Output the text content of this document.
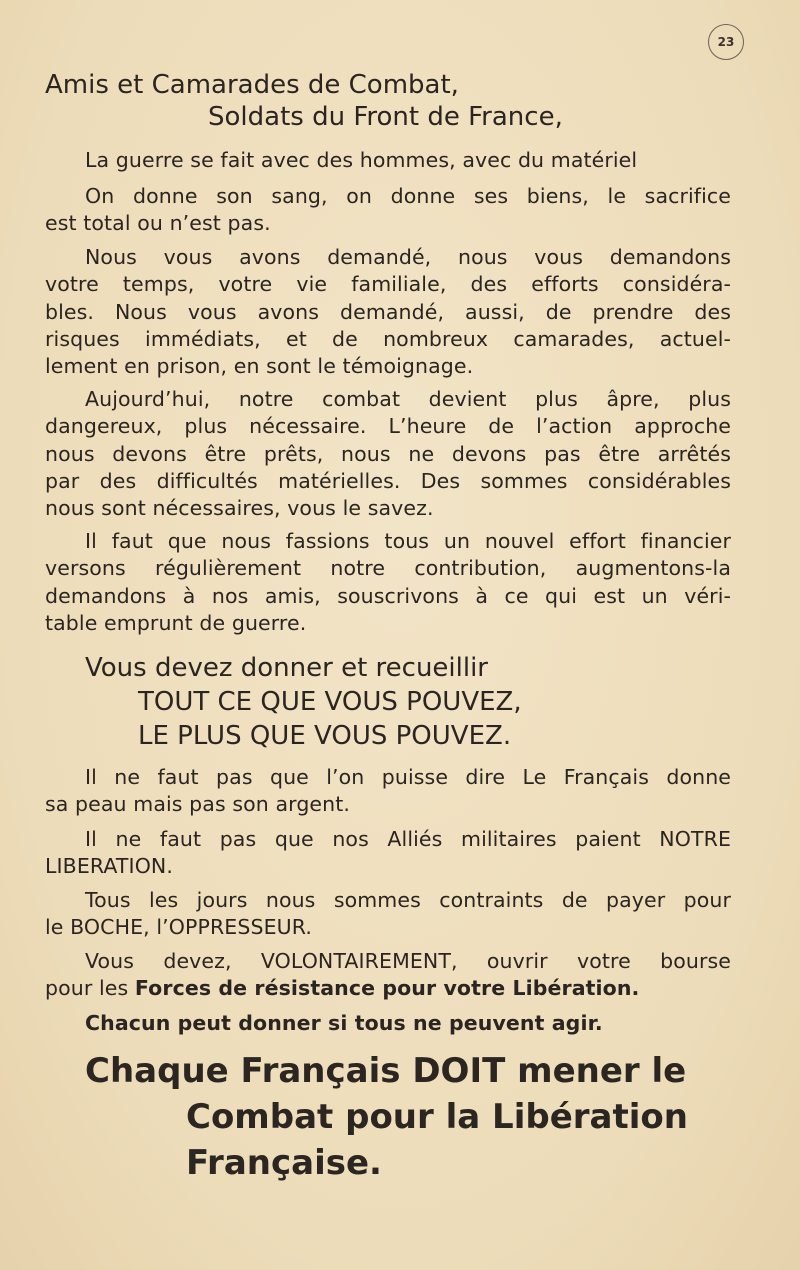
23
Amis et Camarades de Combat,
Soldats du Front de France,
La guerre se fait avec des hommes, avec du matériel
On donne son sang, on donne ses biens, le sacrifice
est total ou n’est pas.
Nous vous avons demandé, nous vous demandons
votre temps, votre vie familiale, des efforts considéra-
bles. Nous vous avons demandé, aussi, de prendre des
risques immédiats, et de nombreux camarades, actuel-
lement en prison, en sont le témoignage.
Aujourd’hui, notre combat devient plus âpre, plus
dangereux, plus nécessaire. L’heure de l’action approche
nous devons être prêts, nous ne devons pas être arrêtés
par des difficultés matérielles. Des sommes considérables
nous sont nécessaires, vous le savez.
Il faut que nous fassions tous un nouvel effort financier
versons régulièrement notre contribution, augmentons-la
demandons à nos amis, souscrivons à ce qui est un véri-
table emprunt de guerre.
Vous devez donner et recueillir
TOUT CE QUE VOUS POUVEZ,
LE PLUS QUE VOUS POUVEZ.
Il ne faut pas que l’on puisse dire Le Français donne
sa peau mais pas son argent.
Il ne faut pas que nos Alliés militaires paient NOTRE
LIBERATION.
Tous les jours nous sommes contraints de payer pour
le BOCHE, l’OPPRESSEUR.
Vous devez, VOLONTAIREMENT, ouvrir votre bourse
pour les Forces de résistance pour votre Libération.
Chacun peut donner si tous ne peuvent agir.
Chaque Français DOIT mener le
Combat pour la Libération
Française.
